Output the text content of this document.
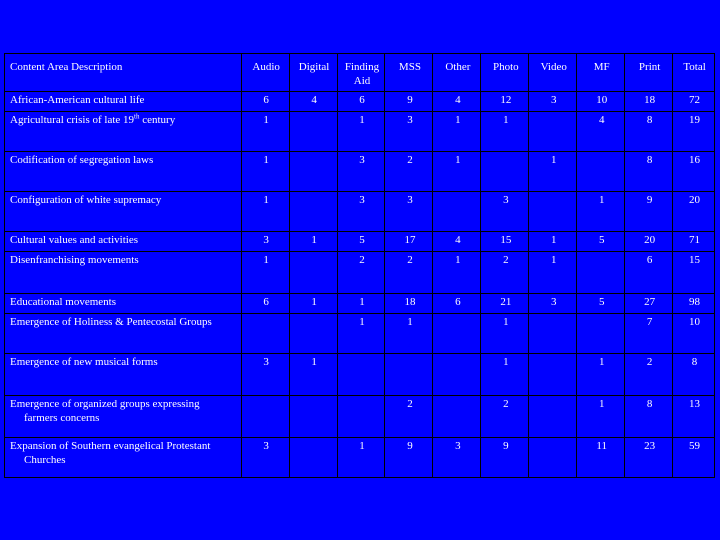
Content Area Description	Audio	Digital	Finding Aid	MSS	Other	Photo	Video	MF	Print	Total
African-American cultural life	6	4	6	9	4	12	3	10	18	72
Agricultural crisis of late 19th century	1		1	3	1	1		4	8	19
Codification of segregation laws	1		3	2	1		1		8	16
Configuration of white supremacy	1		3	3		3		1	9	20
Cultural values and activities	3	1	5	17	4	15	1	5	20	71
Disenfranchising movements	1		2	2	1	2	1		6	15
Educational movements	6	1	1	18	6	21	3	5	27	98
Emergence of Holiness & Pentecostal Groups			1	1		1			7	10
Emergence of new musical forms	3	1				1		1	2	8

Emergence of organized groups expressing
farmers concerns				2		2		1	8	13

Expansion of Southern evangelical Protestant
Churches	3		1	9	3	9		11	23	59
